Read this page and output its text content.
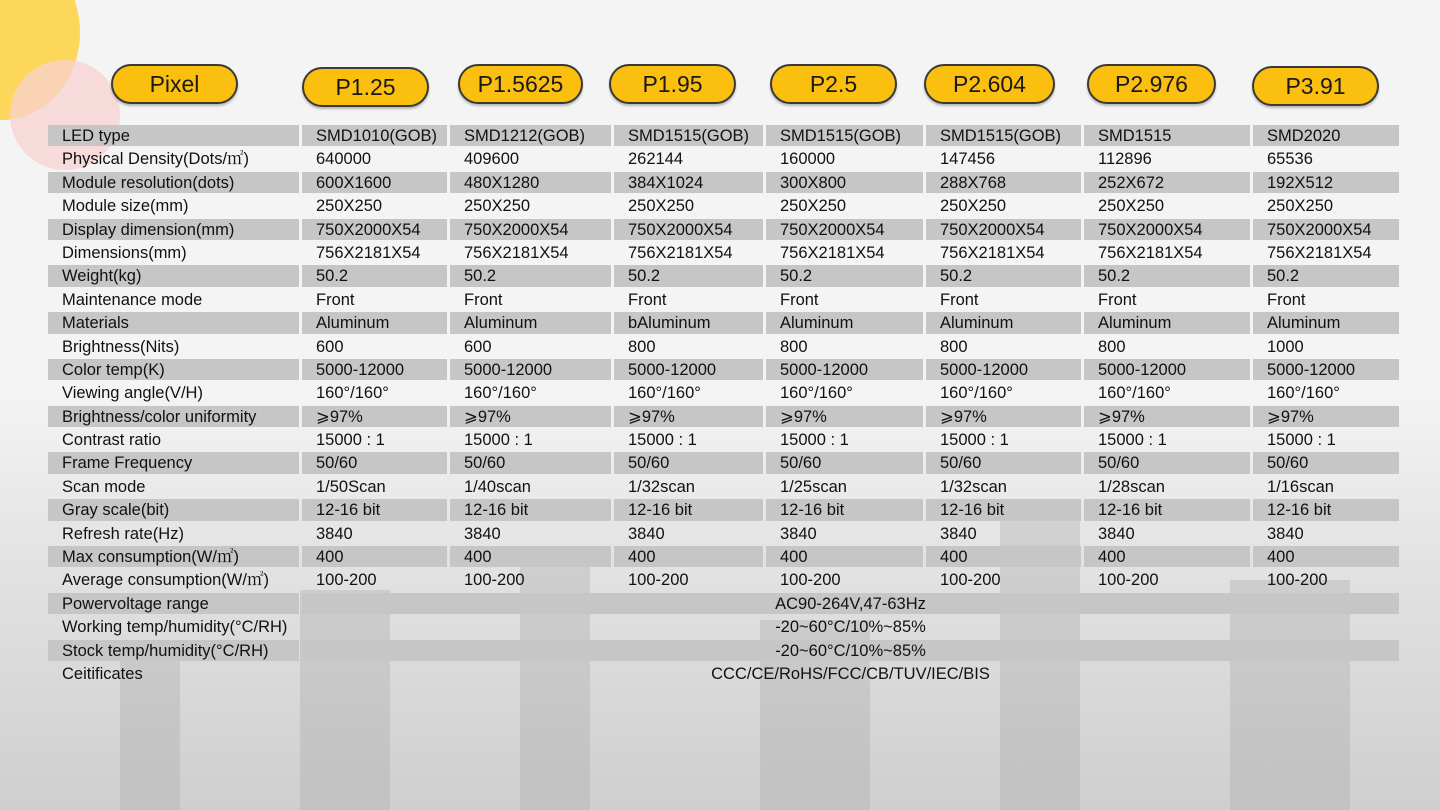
Pixel	P1.25	P1.5625	P1.95	P2.5	P2.604	P2.976	P3.91
LED type	SMD1010(GOB)	SMD1212(GOB)	SMD1515(GOB)	SMD1515(GOB)	SMD1515(GOB)	SMD1515	SMD2020
Physical Density(Dots/㎡)	640000	409600	262144	160000	147456	112896	65536
Module resolution(dots)	600X1600	480X1280	384X1024	300X800	288X768	252X672	192X512
Module size(mm)	250X250	250X250	250X250	250X250	250X250	250X250	250X250
Display dimension(mm)	750X2000X54	750X2000X54	750X2000X54	750X2000X54	750X2000X54	750X2000X54	750X2000X54
Dimensions(mm)	756X2181X54	756X2181X54	756X2181X54	756X2181X54	756X2181X54	756X2181X54	756X2181X54
Weight(kg)	50.2	50.2	50.2	50.2	50.2	50.2	50.2
Maintenance mode	Front	Front	Front	Front	Front	Front	Front
Materials	Aluminum	Aluminum	bAluminum	Aluminum	Aluminum	Aluminum	Aluminum
Brightness(Nits)	600	600	800	800	800	800	1000
Color temp(K)	5000-12000	5000-12000	5000-12000	5000-12000	5000-12000	5000-12000	5000-12000
Viewing angle(V/H)	160°/160°	160°/160°	160°/160°	160°/160°	160°/160°	160°/160°	160°/160°
Brightness/color uniformity	⩾97%	⩾97%	⩾97%	⩾97%	⩾97%	⩾97%	⩾97%
Contrast ratio	15000 : 1	15000 : 1	15000 : 1	15000 : 1	15000 : 1	15000 : 1	15000 : 1
Frame Frequency	50/60	50/60	50/60	50/60	50/60	50/60	50/60
Scan mode	1/50Scan	1/40scan	1/32scan	1/25scan	1/32scan	1/28scan	1/16scan
Gray scale(bit)	12-16 bit	12-16 bit	12-16 bit	12-16 bit	12-16 bit	12-16 bit	12-16 bit
Refresh rate(Hz)	3840	3840	3840	3840	3840	3840	3840
Max consumption(W/㎡)	400	400	400	400	400	400	400
Average consumption(W/㎡)	100-200	100-200	100-200	100-200	100-200	100-200	100-200
Powervoltage range	AC90-264V,47-63Hz
Working temp/humidity(°C/RH)	-20~60°C/10%~85%
Stock temp/humidity(°C/RH)	-20~60°C/10%~85%
Ceitificates	CCC/CE/RoHS/FCC/CB/TUV/IEC/BIS
